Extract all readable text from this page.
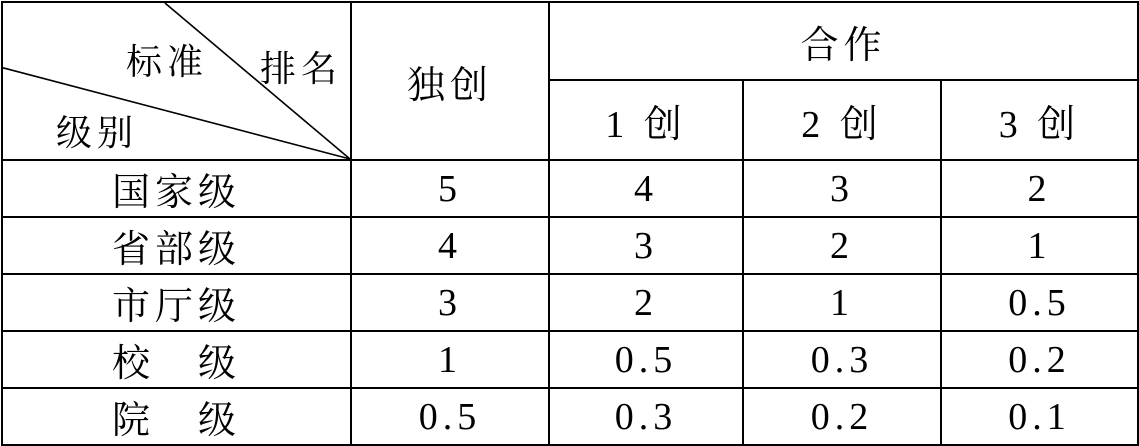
标准 排名
级别	独创	合作		
		1 创	2 创	3 创
国家级	5	4	3	2
省部级	4	3	2	1
市厅级	3	2	1	0.5
校　级	1	0.5	0.3	0.2
院　级	0.5	0.3	0.2	0.1
